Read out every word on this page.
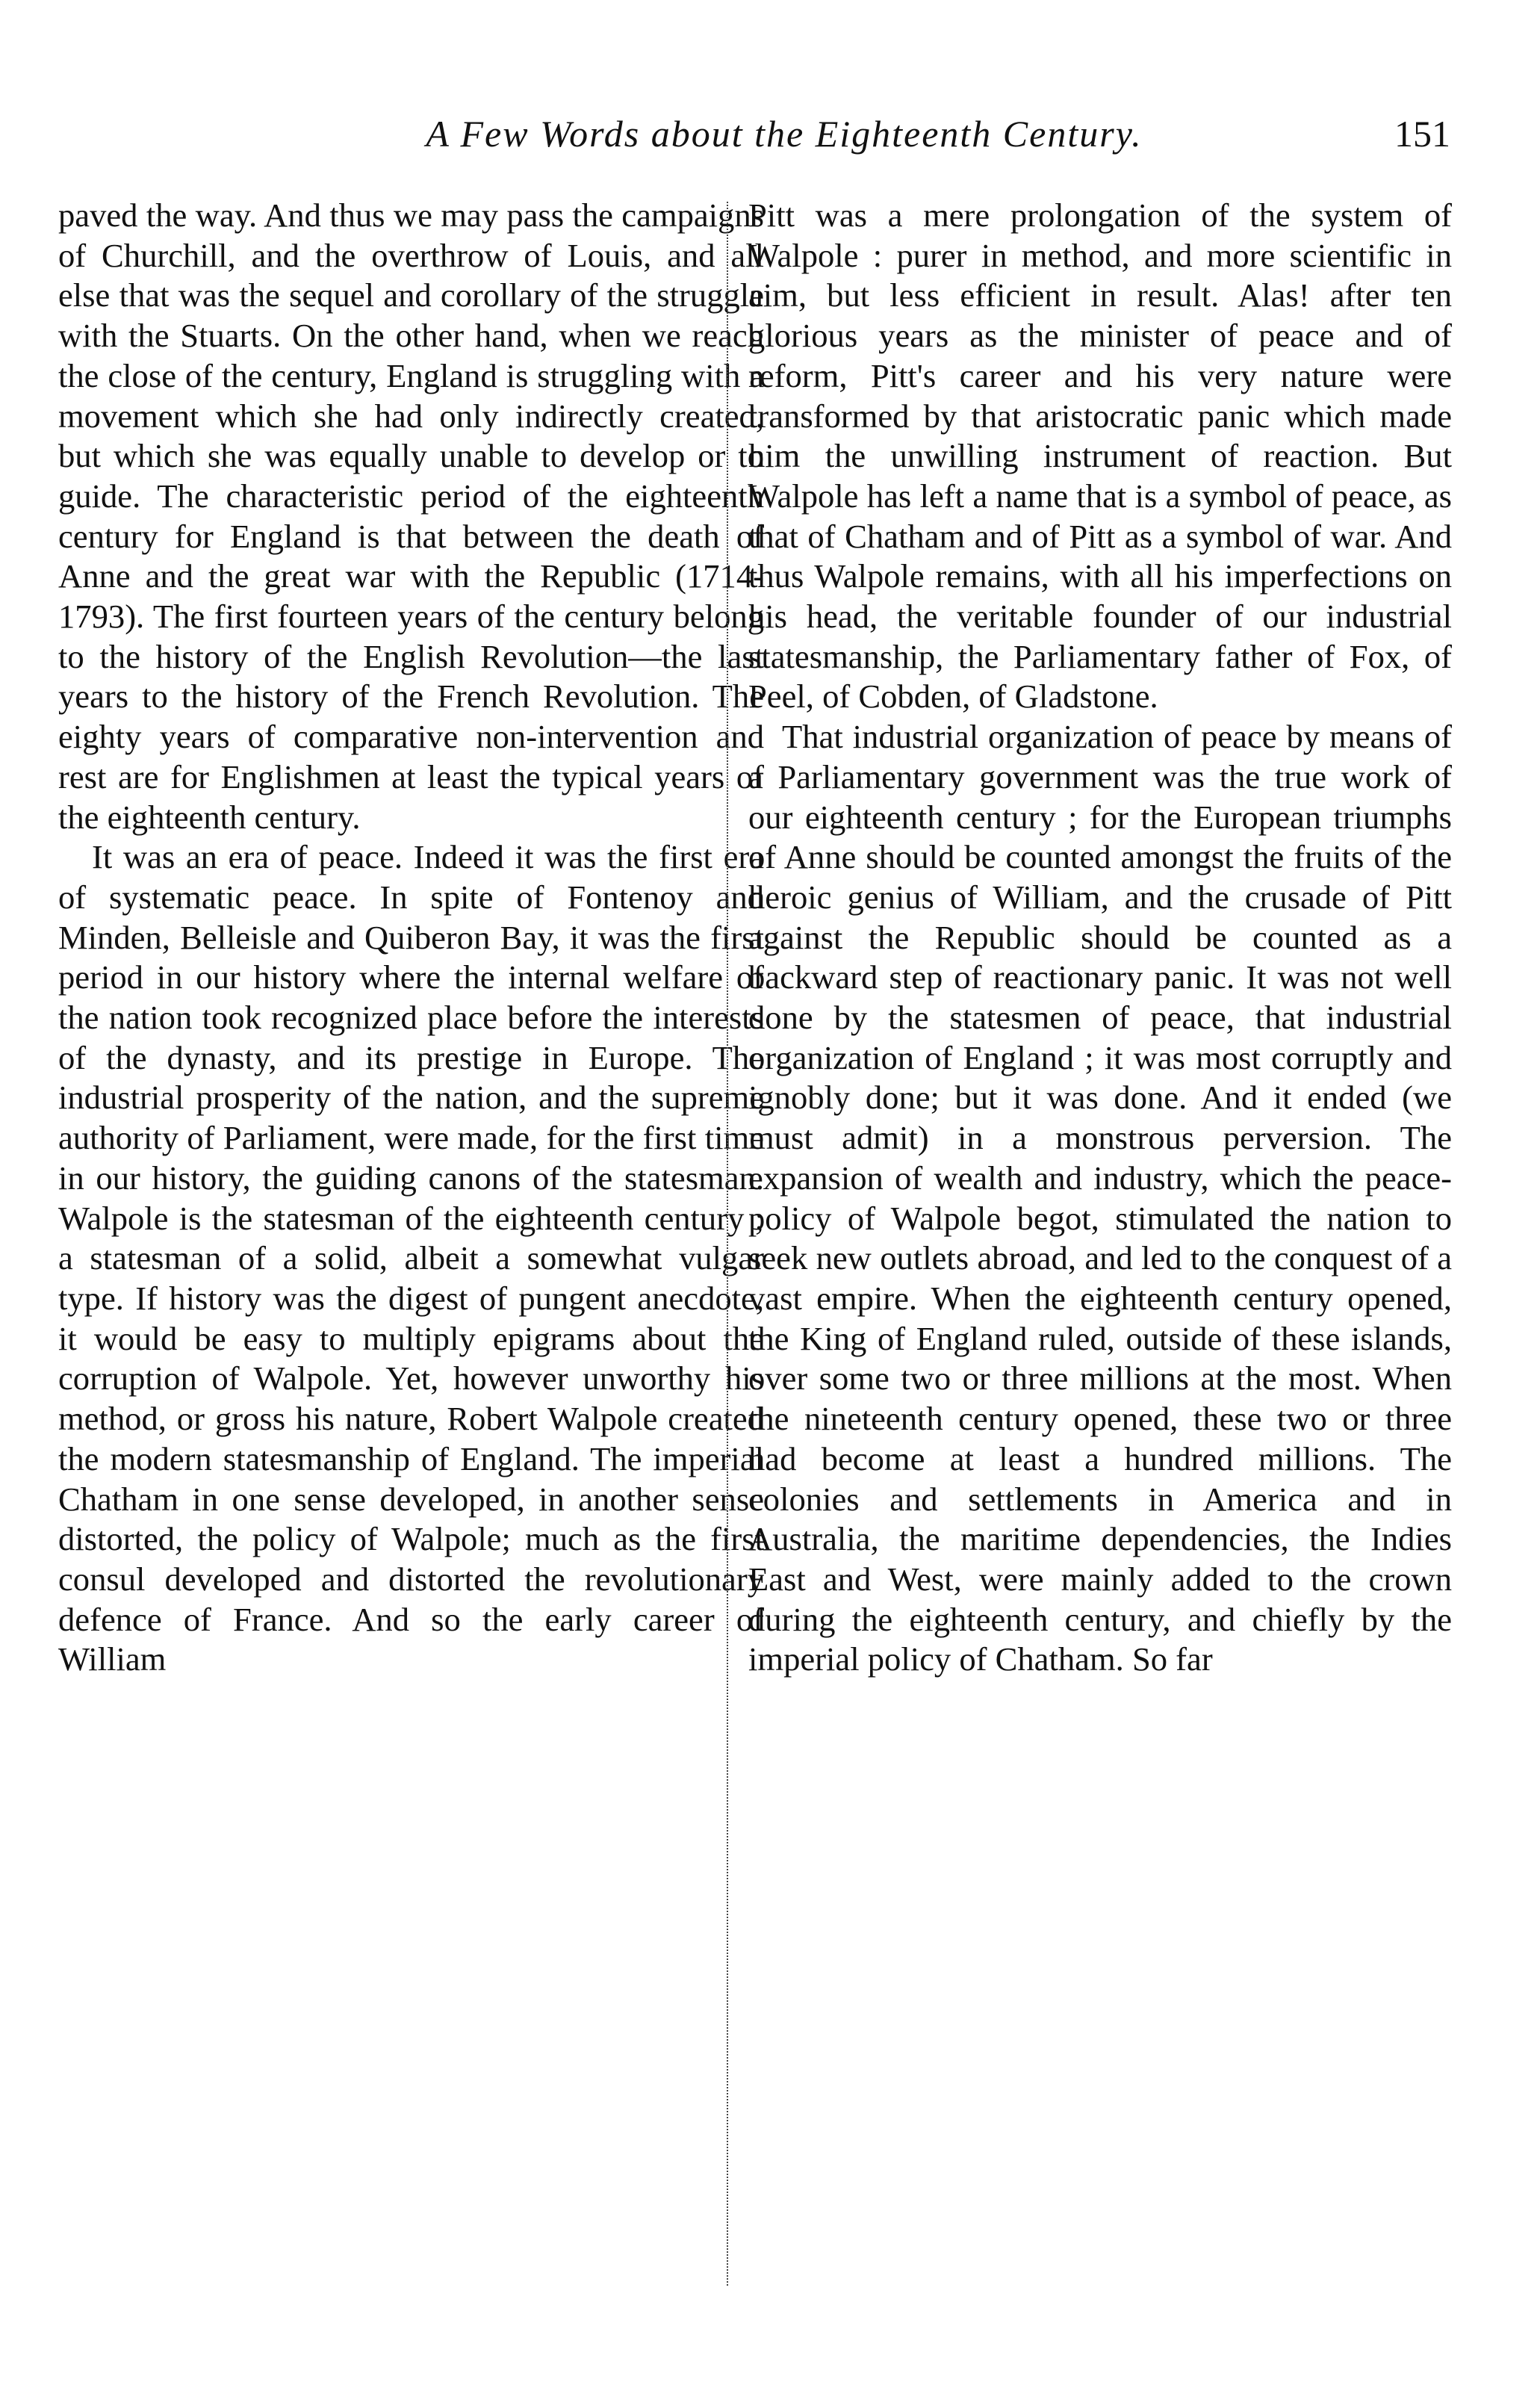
A Few Words about the Eighteenth Century.	151

paved the way. And thus we may pass the campaigns of Churchill, and the overthrow of Louis, and all else that was the sequel and corollary of the struggle with the Stuarts. On the other hand, when we reach the close of the century, England is struggling with a movement which she had only indirectly created, but which she was equally unable to develop or to guide. The characteristic period of the eighteenth century for England is that between the death of Anne and the great war with the Republic (1714-1793). The first fourteen years of the century belong to the history of the English Revolution—the last years to the history of the French Revolution. The eighty years of comparative non-intervention and rest are for Englishmen at least the typical years of the eighteenth century.

It was an era of peace. Indeed it was the first era of systematic peace. In spite of Fontenoy and Minden, Belleisle and Quiberon Bay, it was the first period in our history where the internal welfare of the nation took recognized place before the interests of the dynasty, and its prestige in Europe. The industrial prosperity of the nation, and the supreme authority of Parliament, were made, for the first time in our history, the guiding canons of the statesman. Walpole is the statesman of the eighteenth century ; a statesman of a solid, albeit a somewhat vulgar type. If history was the digest of pungent anecdote, it would be easy to multiply epigrams about the corruption of Walpole. Yet, however unworthy his method, or gross his nature, Robert Walpole created the modern statesmanship of England. The imperial Chatham in one sense developed, in another sense distorted, the policy of Walpole; much as the first consul developed and distorted the revolutionary defence of France. And so the early career of William

Pitt was a mere prolongation of the system of Walpole : purer in method, and more scientific in aim, but less efficient in result. Alas! after ten glorious years as the minister of peace and of reform, Pitt's career and his very nature were transformed by that aristocratic panic which made him the unwilling instrument of reaction. But Walpole has left a name that is a symbol of peace, as that of Chatham and of Pitt as a symbol of war. And thus Walpole remains, with all his imperfections on his head, the veritable founder of our industrial statesmanship, the Parliamentary father of Fox, of Peel, of Cobden, of Gladstone.

That industrial organization of peace by means of a Parliamentary government was the true work of our eighteenth century ; for the European triumphs of Anne should be counted amongst the fruits of the heroic genius of William, and the crusade of Pitt against the Republic should be counted as a backward step of reactionary panic. It was not well done by the statesmen of peace, that industrial organization of England ; it was most corruptly and ignobly done; but it was done. And it ended (we must admit) in a monstrous perversion. The expansion of wealth and industry, which the peace-policy of Walpole begot, stimulated the nation to seek new outlets abroad, and led to the conquest of a vast empire. When the eighteenth century opened, the King of England ruled, outside of these islands, over some two or three millions at the most. When the nineteenth century opened, these two or three had become at least a hundred millions. The colonies and settlements in America and in Australia, the maritime dependencies, the Indies East and West, were mainly added to the crown during the eighteenth century, and chiefly by the imperial policy of Chatham. So far
